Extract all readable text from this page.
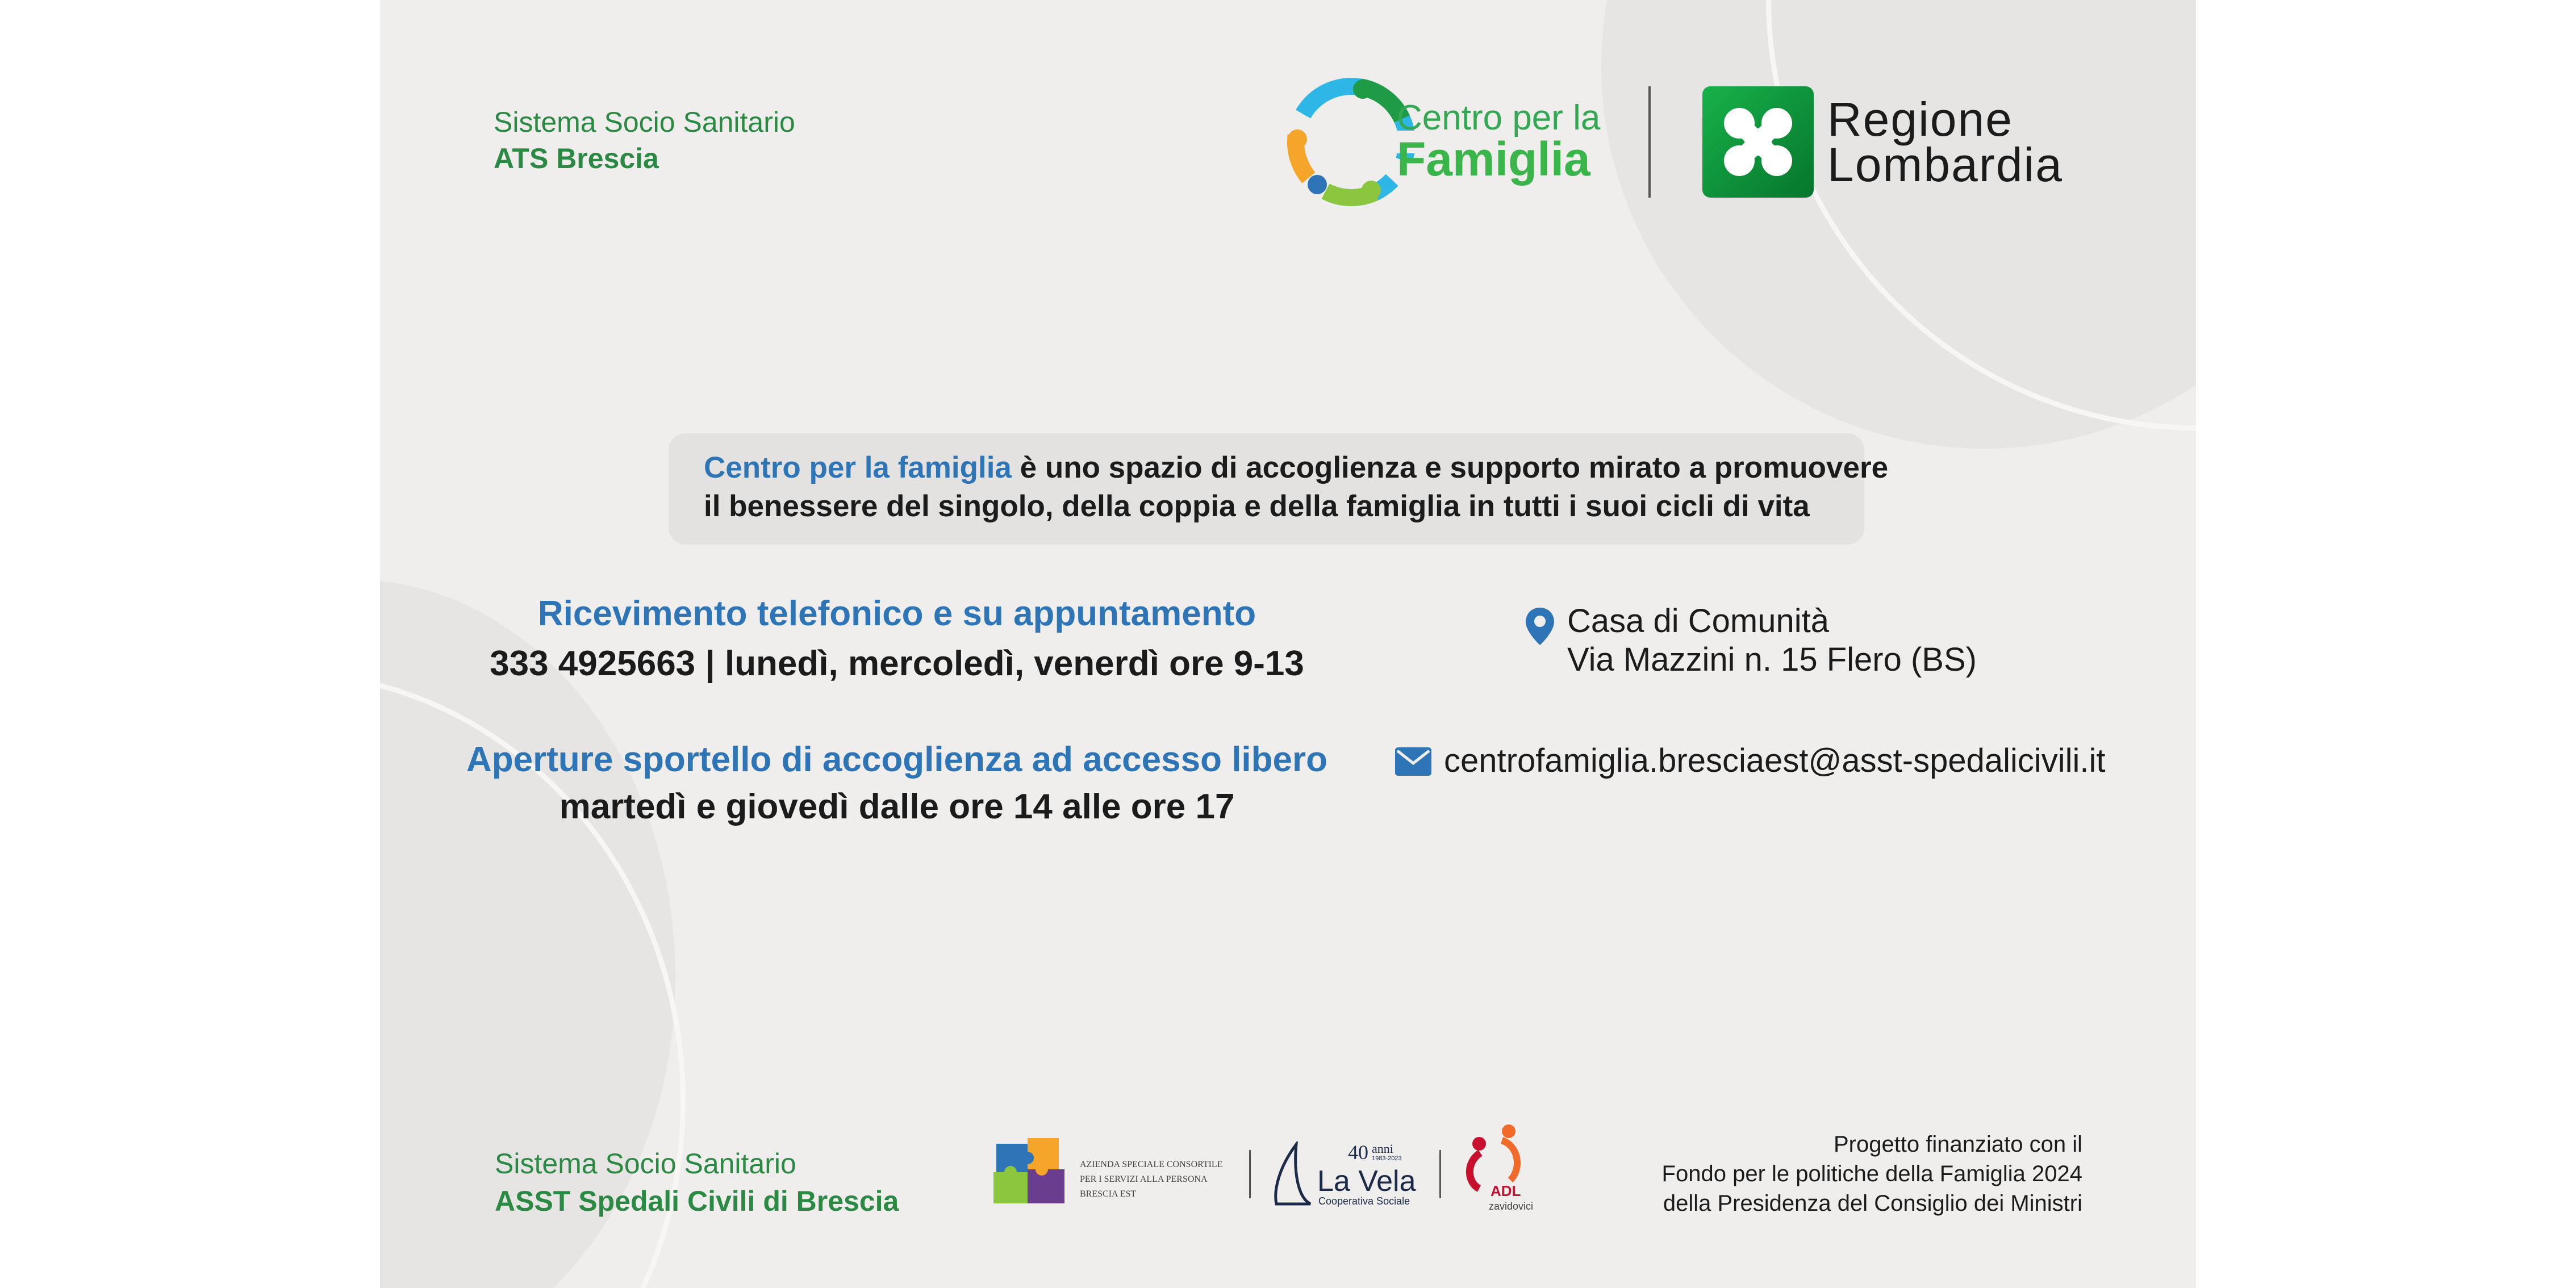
Sistema Socio Sanitario
ATS Brescia
Centro per la
Famiglia
Regione
Lombardia
Centro per la famiglia è uno spazio di accoglienza e supporto mirato a promuovere
il benessere del singolo, della coppia e della famiglia in tutti i suoi cicli di vita
Ricevimento telefonico e su appuntamento
333 4925663 | lunedì, mercoledì, venerdì ore 9-13
Aperture sportello di accoglienza ad accesso libero
martedì e giovedì dalle ore 14 alle ore 17
Casa di Comunità
Via Mazzini n. 15 Flero (BS)
centrofamiglia.bresciaest@asst-spedalicivili.it
Sistema Socio Sanitario
ASST Spedali Civili di Brescia
AZIENDA SPECIALE CONSORTILE
PER I SERVIZI ALLA PERSONA
BRESCIA EST
40 anni
1983-2023
La Vela
Cooperativa Sociale
ADL
zavidovici
Progetto finanziato con il
Fondo per le politiche della Famiglia 2024
della Presidenza del Consiglio dei Ministri
